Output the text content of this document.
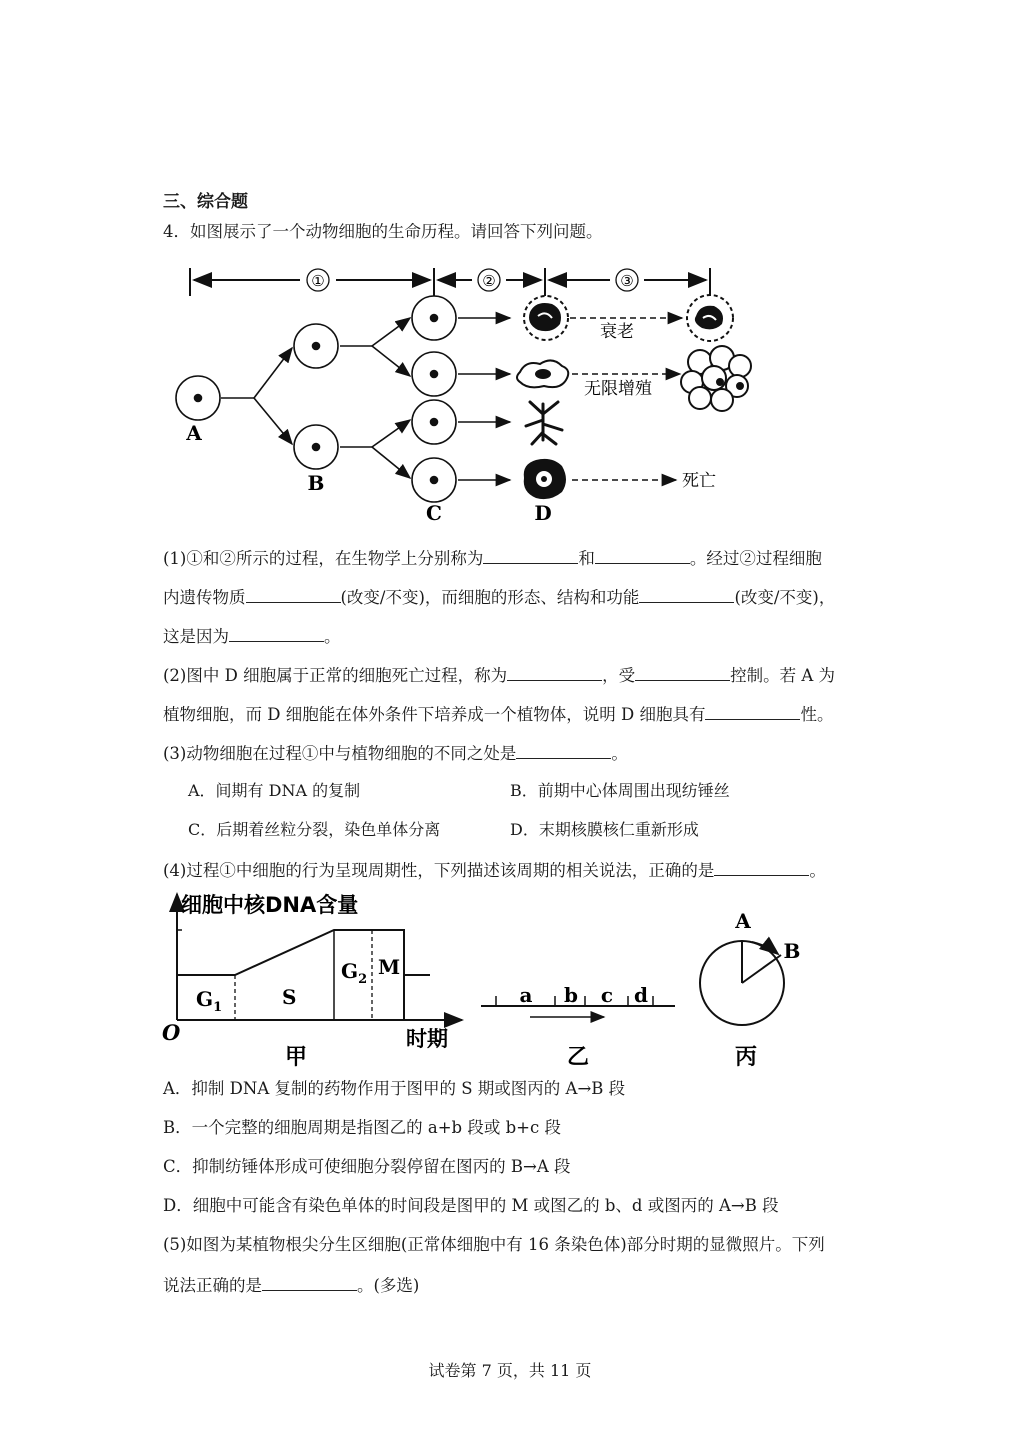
三、综合题
4．如图展示了一个动物细胞的生命历程。请回答下列问题。
①	②	③
衰老
无限增殖
死亡
A
B
C	D
(1)①和②所示的过程，在生物学上分别称为	和	。经过②过程细胞
内遗传物质	(改变/不变)，而细胞的形态、结构和功能	(改变/不变)，
这是因为	。
(2)图中 D 细胞属于正常的细胞死亡过程，称为	，受	控制。若 A 为
植物细胞，而 D 细胞能在体外条件下培养成一个植物体，说明 D 细胞具有	性。
(3)动物细胞在过程①中与植物细胞的不同之处是	。
A．间期有 DNA 的复制	B．前期中心体周围出现纺锤丝
C．后期着丝粒分裂，染色单体分离	D．末期核膜核仁重新形成
(4)过程①中细胞的行为呈现周期性，下列描述该周期的相关说法，正确的是	。
细胞中核DNA含量
O	时期
$G_1$	S
$G_2$
M
甲
a b c d
乙
A
B
丙
A．抑制 DNA 复制的药物作用于图甲的 S 期或图丙的 A→B 段
B．一个完整的细胞周期是指图乙的 a+b 段或 b+c 段
C．抑制纺锤体形成可使细胞分裂停留在图丙的 B→A 段
D．细胞中可能含有染色单体的时间段是图甲的 M 或图乙的 b、d 或图丙的 A→B 段
(5)如图为某植物根尖分生区细胞(正常体细胞中有 16 条染色体)部分时期的显微照片。下列
说法正确的是	。(多选)
试卷第 7 页，共 11 页
